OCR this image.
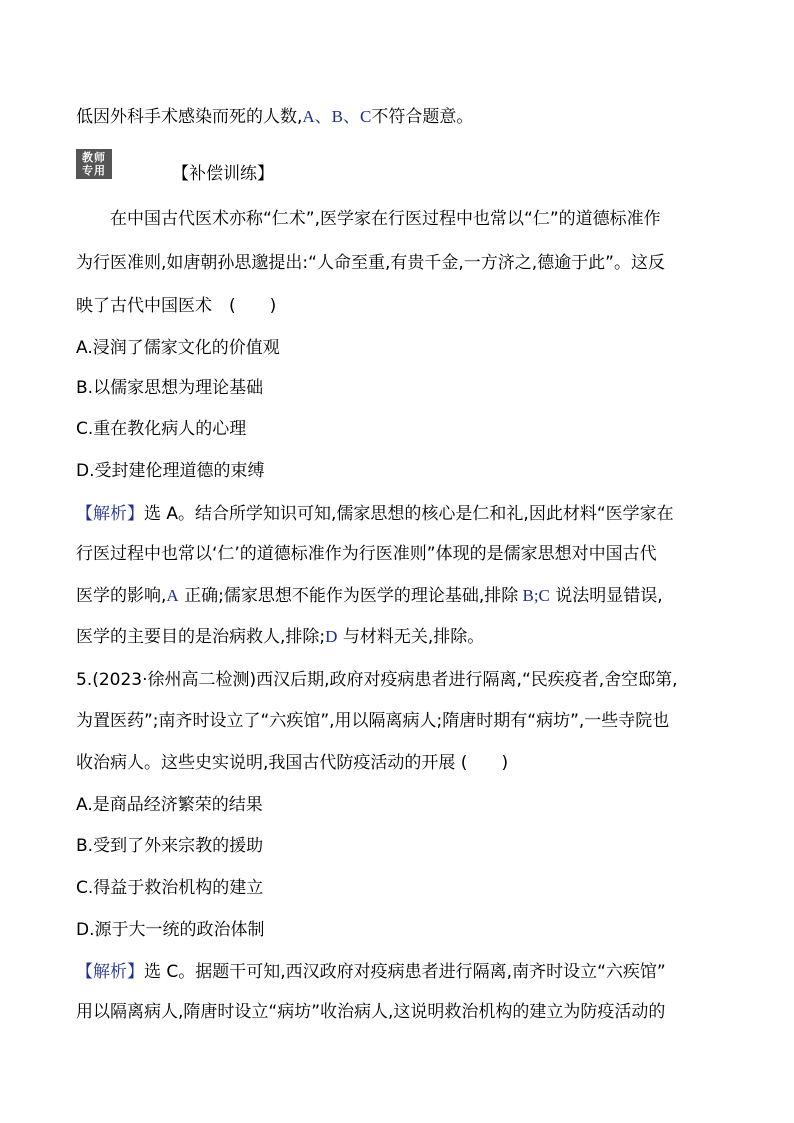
低因外科手术感染而死的人数,A、B、C不符合题意。
教师
专用	【补偿训练】
在中国古代医术亦称“仁术”,医学家在行医过程中也常以“仁”的道德标准作
为行医准则,如唐朝孙思邈提出:“人命至重,有贵千金,一方济之,德逾于此”。这反
映了古代中国医术　(　　)
A.浸润了儒家文化的价值观
B.以儒家思想为理论基础
C.重在教化病人的心理
D.受封建伦理道德的束缚
【解析】选 A。结合所学知识可知,儒家思想的核心是仁和礼,因此材料“医学家在
行医过程中也常以‘仁’的道德标准作为行医准则”体现的是儒家思想对中国古代
医学的影响,A 正确;儒家思想不能作为医学的理论基础,排除 B;C 说法明显错误,
医学的主要目的是治病救人,排除;D 与材料无关,排除。
5.(2023·徐州高二检测)西汉后期,政府对疫病患者进行隔离,“民疾疫者,舍空邸第,
为置医药”;南齐时设立了“六疾馆”,用以隔离病人;隋唐时期有“病坊”,一些寺院也
收治病人。这些史实说明,我国古代防疫活动的开展 (　　)
A.是商品经济繁荣的结果
B.受到了外来宗教的援助
C.得益于救治机构的建立
D.源于大一统的政治体制
【解析】选 C。据题干可知,西汉政府对疫病患者进行隔离,南齐时设立“六疾馆”
用以隔离病人,隋唐时设立“病坊”收治病人,这说明救治机构的建立为防疫活动的
